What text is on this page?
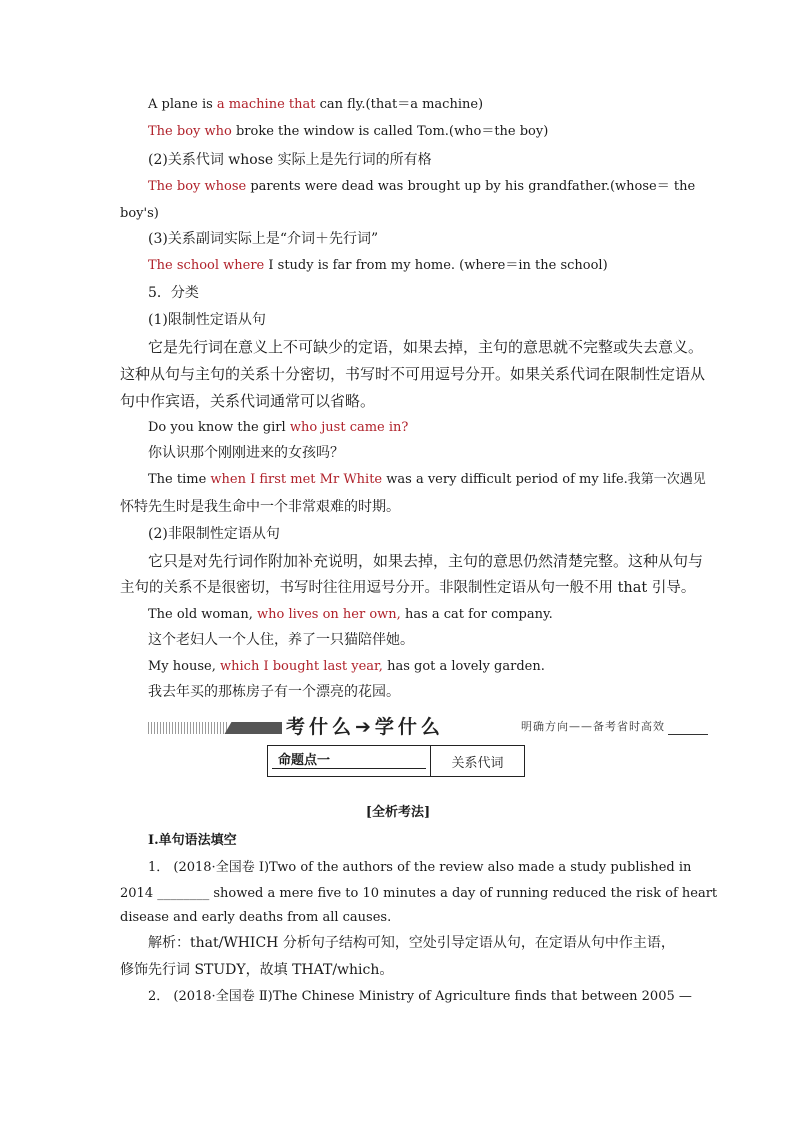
A plane is a machine that can fly.(that＝a machine)
The boy who broke the window is called Tom.(who＝the boy)
(2)关系代词 whose 实际上是先行词的所有格
The boy whose parents were dead was brought up by his grandfather.(whose＝ the
boy's)
(3)关系副词实际上是“介词＋先行词”
The school where I study is far from my home. (where＝in the school)
5．分类
(1)限制性定语从句
它是先行词在意义上不可缺少的定语，如果去掉，主句的意思就不完整或失去意义。
这种从句与主句的关系十分密切，书写时不可用逗号分开。如果关系代词在限制性定语从
句中作宾语，关系代词通常可以省略。
Do you know the girl who just came in?
你认识那个刚刚进来的女孩吗？
The time when I first met Mr White was a very difficult period of my life.我第一次遇见
怀特先生时是我生命中一个非常艰难的时期。
(2)非限制性定语从句
它只是对先行词作附加补充说明，如果去掉，主句的意思仍然清楚完整。这种从句与
主句的关系不是很密切，书写时往往用逗号分开。非限制性定语从句一般不用 that 引导。
The old woman, who lives on her own, has a cat for company.
这个老妇人一个人住，养了一只猫陪伴她。
My house, which I bought last year, has got a lovely garden.
我去年买的那栋房子有一个漂亮的花园。
考什么➔学什么	明确方向——备考省时高效
命题点一	关系代词
[全析考法]
Ⅰ.单句语法填空
1． (2018·全国卷 Ⅰ)Two of the authors of the review also made a study published in
2014 ________ showed a mere five to 10 minutes a day of running reduced the risk of heart
disease and early deaths from all causes.
解析：that/WHICH 分析句子结构可知，空处引导定语从句，在定语从句中作主语，
修饰先行词 STUDY，故填 THAT/which。
2． (2018·全国卷 Ⅱ)The Chinese Ministry of Agriculture finds that between 2005 —
